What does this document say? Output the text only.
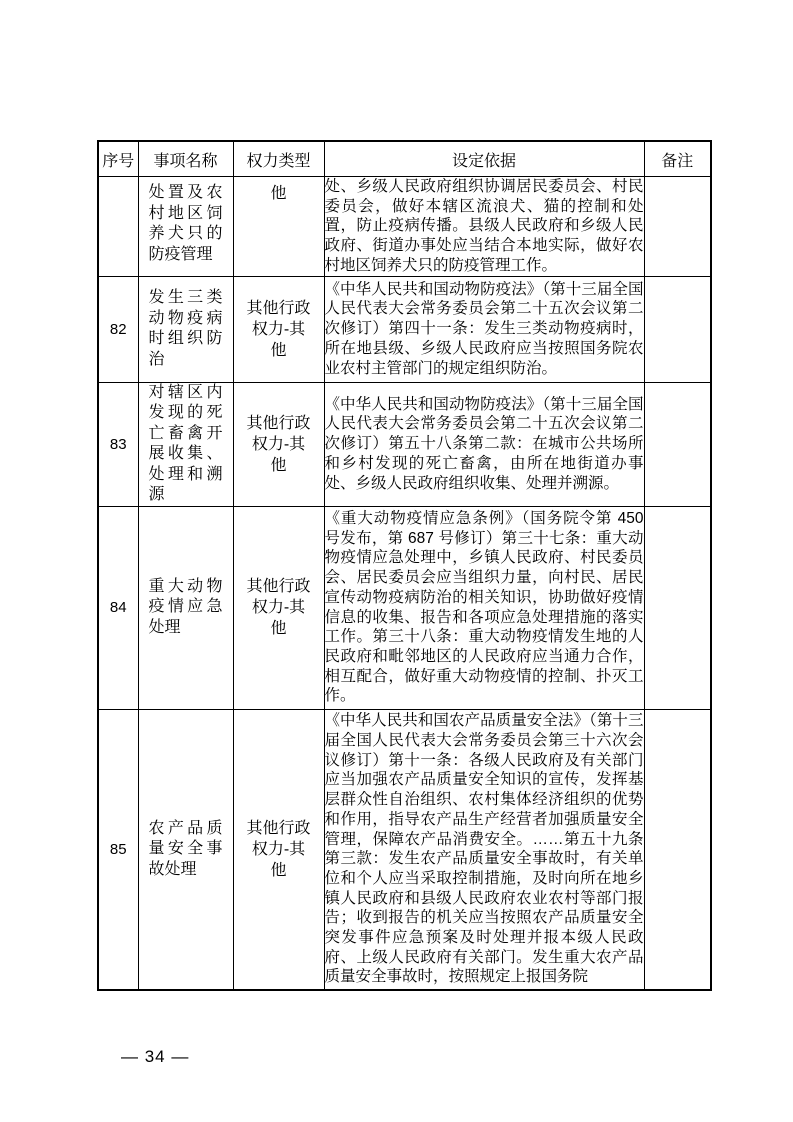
序号	事项名称	权力类型	设定依据	备注

	处置及农村地区饲养犬只的防疫管理	他	处、乡级人民政府组织协调居民委员会、村民委员会，做好本辖区流浪犬、猫的控制和处置，防止疫病传播。县级人民政府和乡级人民政府、街道办事处应当结合本地实际，做好农村地区饲养犬只的防疫管理工作。	
82	发生三类动物疫病时组织防治	其他行政权力-其他	《中华人民共和国动物防疫法》（第十三届全国人民代表大会常务委员会第二十五次会议第二次修订）第四十一条：发生三类动物疫病时，所在地县级、乡级人民政府应当按照国务院农业农村主管部门的规定组织防治。	
83	对辖区内发现的死亡畜禽开展收集、处理和溯源	其他行政权力-其他	《中华人民共和国动物防疫法》（第十三届全国人民代表大会常务委员会第二十五次会议第二次修订）第五十八条第二款：在城市公共场所和乡村发现的死亡畜禽，由所在地街道办事处、乡级人民政府组织收集、处理并溯源。	
84	重大动物疫情应急处理	其他行政权力-其他	《重大动物疫情应急条例》（国务院令第 450 号发布，第 687 号修订）第三十七条：重大动物疫情应急处理中，乡镇人民政府、村民委员会、居民委员会应当组织力量，向村民、居民宣传动物疫病防治的相关知识，协助做好疫情信息的收集、报告和各项应急处理措施的落实工作。第三十八条：重大动物疫情发生地的人民政府和毗邻地区的人民政府应当通力合作，相互配合，做好重大动物疫情的控制、扑灭工作。	
85	农产品质量安全事故处理	其他行政权力-其他	《中华人民共和国农产品质量安全法》（第十三届全国人民代表大会常务委员会第三十六次会议修订）第十一条：各级人民政府及有关部门应当加强农产品质量安全知识的宣传，发挥基层群众性自治组织、农村集体经济组织的优势和作用，指导农产品生产经营者加强质量安全管理，保障农产品消费安全。……第五十九条第三款：发生农产品质量安全事故时，有关单位和个人应当采取控制措施，及时向所在地乡镇人民政府和县级人民政府农业农村等部门报告；收到报告的机关应当按照农产品质量安全突发事件应急预案及时处理并报本级人民政府、上级人民政府有关部门。发生重大农产品质量安全事故时，按照规定上报国务院	
— 34 —
